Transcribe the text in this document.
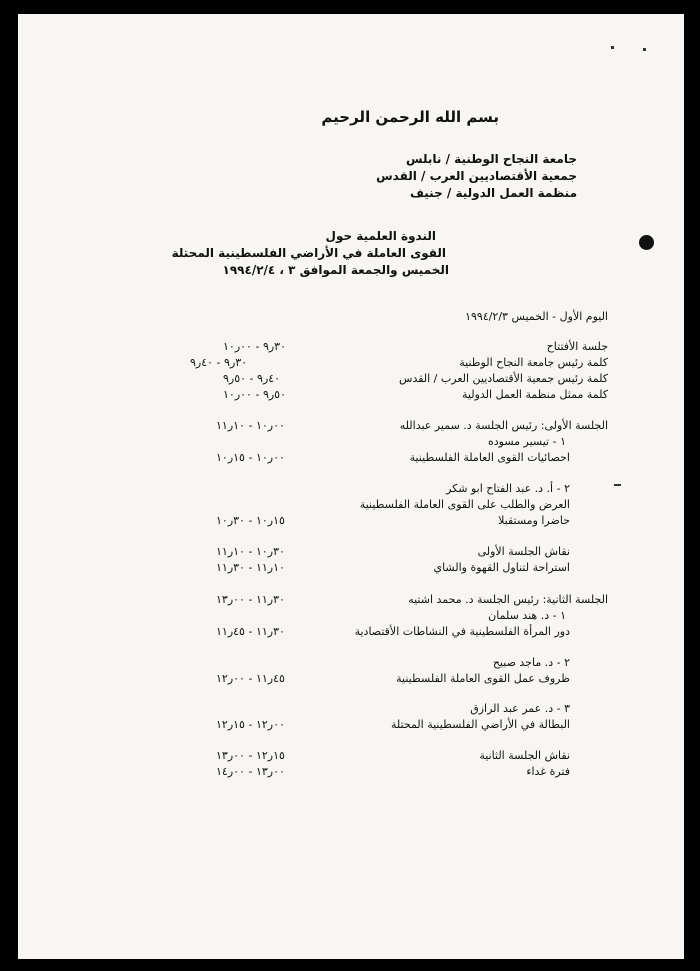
بسم الله الرحمن الرحيم
جامعة النجاح الوطنية / نابلس
جمعية الأقتصاديين العرب / القدس
منظمة العمل الدولية / جنيف
الندوة العلمية حول
القوى العاملة في الأراضي الفلسطينية المحتلة
الخميس والجمعة الموافق ٣ ، ١٩٩٤/٢/٤
اليوم الأول - الخميس ١٩٩٤/٢/٣
جلسة الأفتتاح
٣٠ر٩ - ٠٠ر١٠
كلمة رئيس جامعة النجاح الوطنية
٣٠ر٩ - ٤٠ر٩
كلمة رئيس جمعية الأقتصاديين العرب / القدس
٤٠ر٩ - ٥٠ر٩
كلمة ممثل منظمة العمل الدولية
٥٠ر٩ - ٠٠ر١٠
الجلسة الأولى: رئيس الجلسة د. سمير عبدالله
٠٠ر١٠ - ١٠ر١١
١ - تيسير مسوده
احصائيات القوى العاملة الفلسطينية
٠٠ر١٠ - ١٥ر١٠
٢ - أ. د. عبد الفتاح ابو شكر
العرض والطلب على القوى العاملة الفلسطينية
حاضرا ومستقبلا
١٥ر١٠ - ٣٠ر١٠
نقاش الجلسة الأولى
٣٠ر١٠ - ١٠ر١١
استراحة لتناول القهوة والشاي
١٠ر١١ - ٣٠ر١١
الجلسة الثانية: رئيس الجلسة د. محمد اشتيه
٣٠ر١١ - ٠٠ر١٣
١ - د. هند سلمان
دور المرأة الفلسطينية في النشاطات الأقتصادية
٣٠ر١١ - ٤٥ر١١
٢ - د. ماجد صبيح
ظروف عمل القوى العاملة الفلسطينية
٤٥ر١١ - ٠٠ر١٢
٣ - د. عمر عبد الرازق
البطالة في الأراضي الفلسطينية المحتلة
٠٠ر١٢ - ١٥ر١٢
نقاش الجلسة الثانية
١٥ر١٢ - ٠٠ر١٣
فترة غداء
٠٠ر١٣ - ٠٠ر١٤
